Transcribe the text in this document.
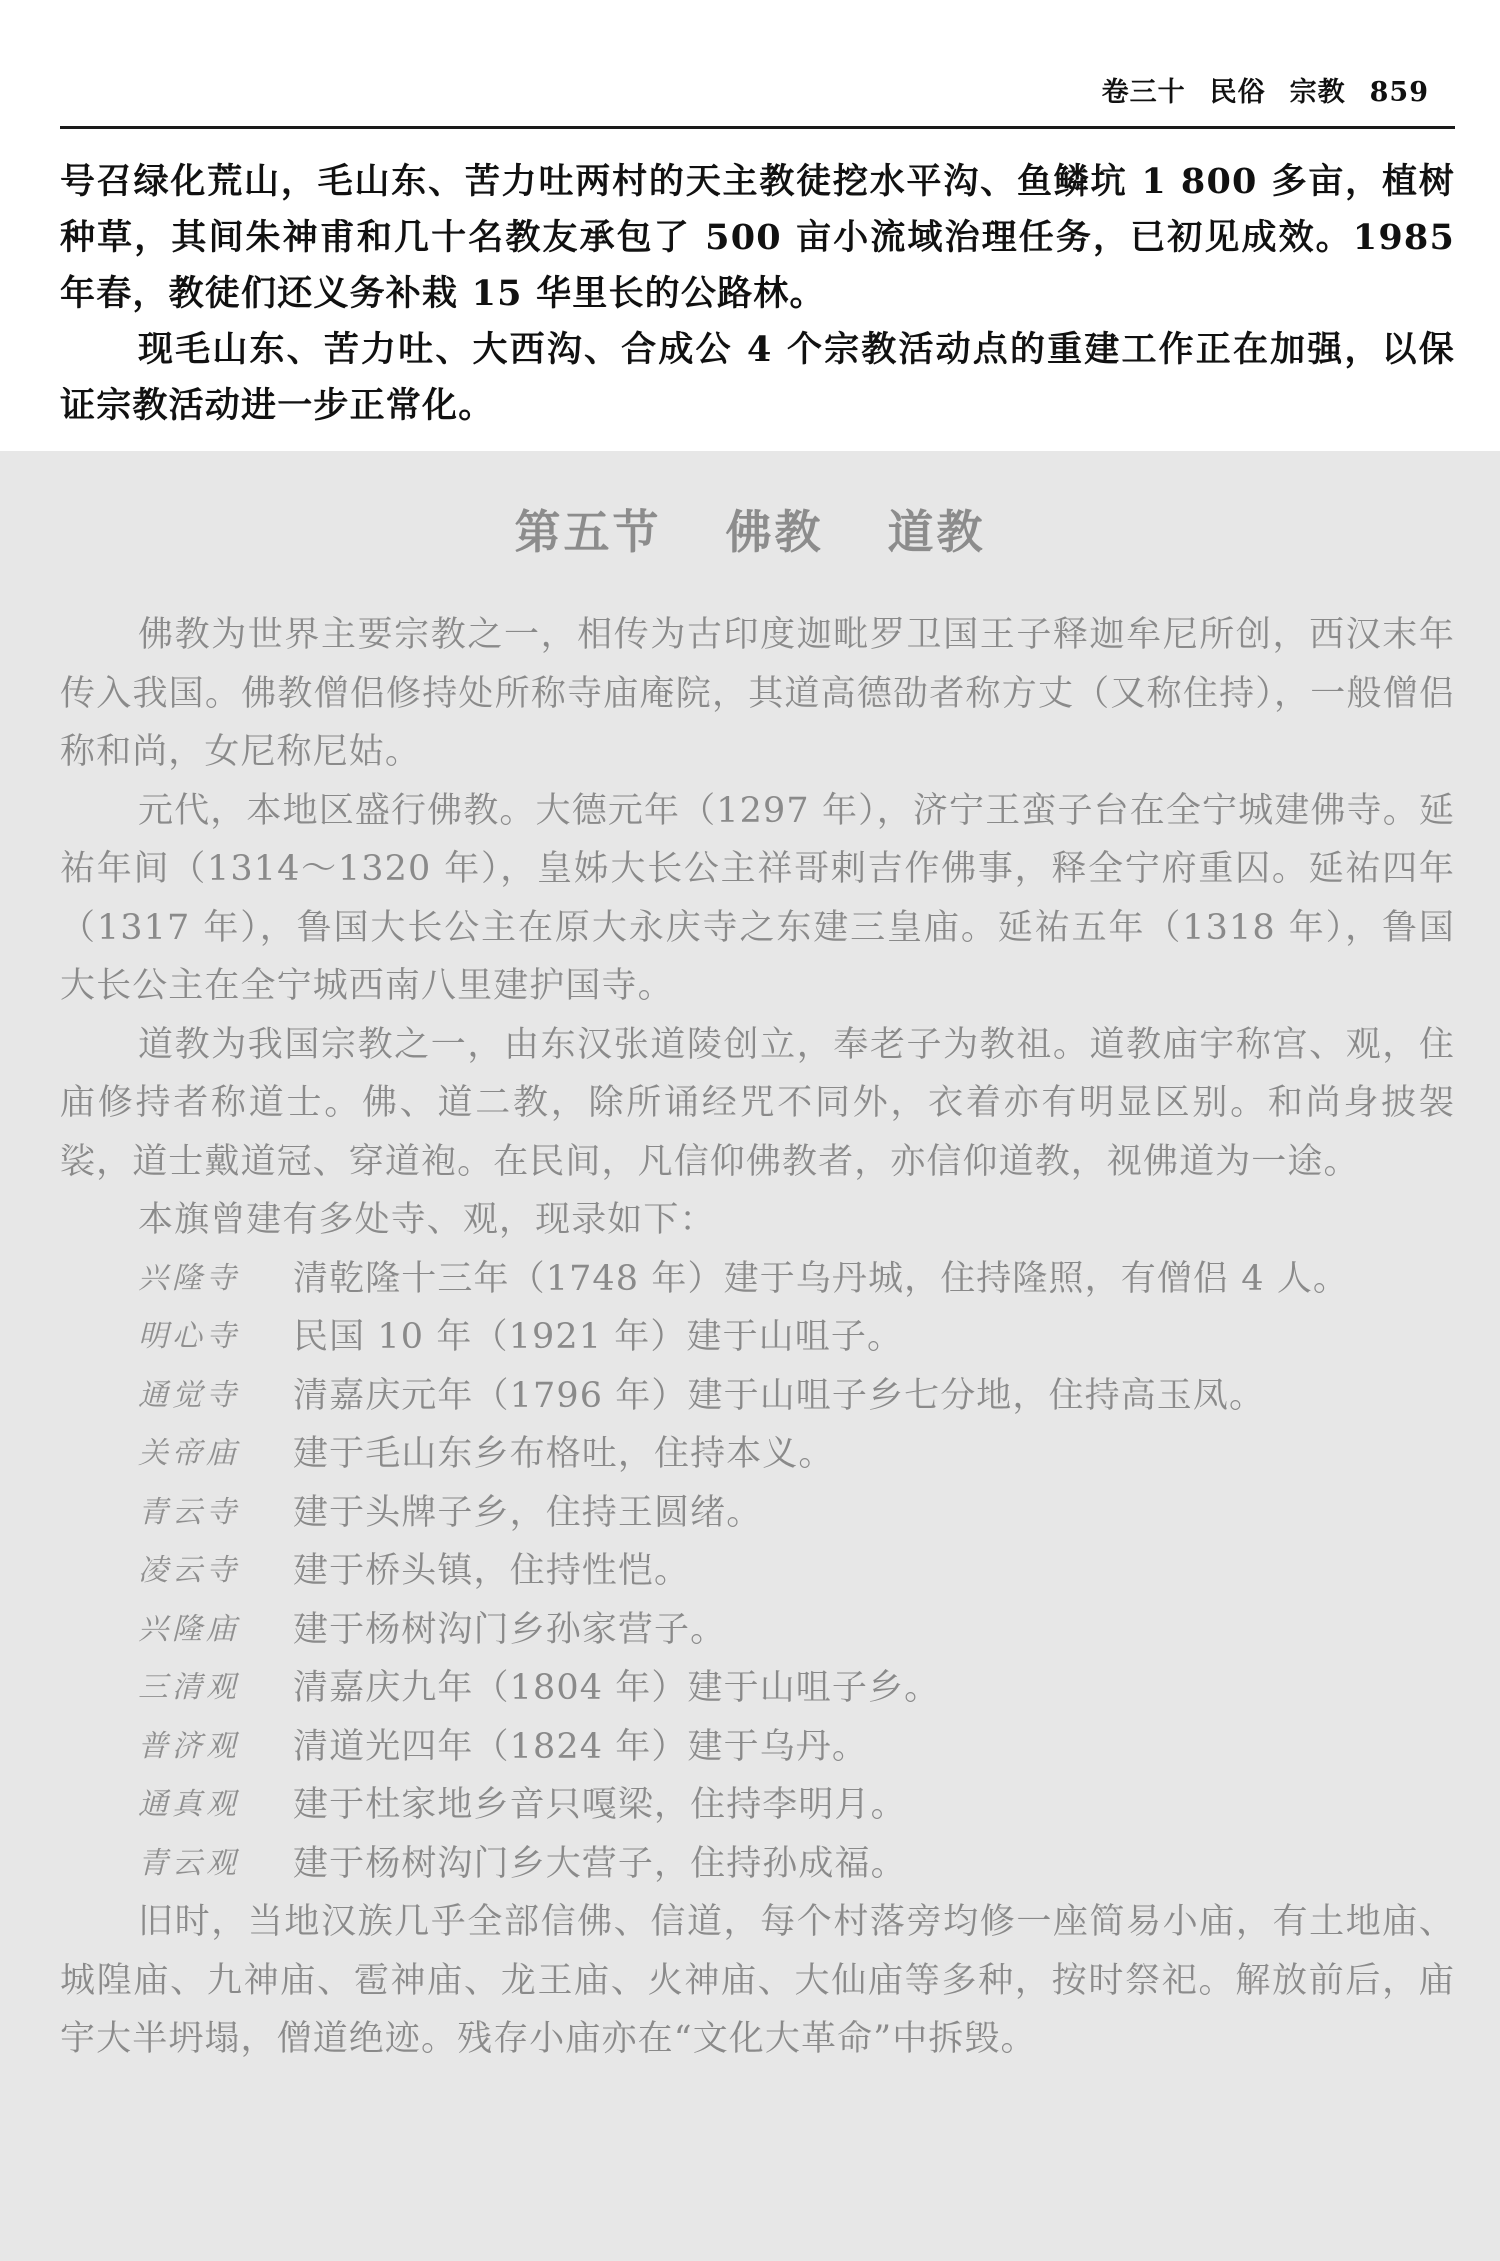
卷三十 民俗 宗教 859

号召绿化荒山，毛山东、苦力吐两村的天主教徒挖水平沟、鱼鳞坑 1 800 多亩，植树种草，其间朱神甫和几十名教友承包了 500 亩小流域治理任务，已初见成效。1985 年春，教徒们还义务补栽 15 华里长的公路林。

现毛山东、苦力吐、大西沟、合成公 4 个宗教活动点的重建工作正在加强，以保证宗教活动进一步正常化。

第五节 佛教 道教

佛教为世界主要宗教之一，相传为古印度迦毗罗卫国王子释迦牟尼所创，西汉末年传入我国。佛教僧侣修持处所称寺庙庵院，其道高德劭者称方丈（又称住持），一般僧侣称和尚，女尼称尼姑。

元代，本地区盛行佛教。大德元年（1297 年），济宁王蛮子台在全宁城建佛寺。延祐年间（1314～1320 年），皇姊大长公主祥哥剌吉作佛事，释全宁府重囚。延祐四年（1317 年），鲁国大长公主在原大永庆寺之东建三皇庙。延祐五年（1318 年），鲁国大长公主在全宁城西南八里建护国寺。

道教为我国宗教之一，由东汉张道陵创立，奉老子为教祖。道教庙宇称宫、观，住庙修持者称道士。佛、道二教，除所诵经咒不同外，衣着亦有明显区别。和尚身披袈裟，道士戴道冠、穿道袍。在民间，凡信仰佛教者，亦信仰道教，视佛道为一途。

本旗曾建有多处寺、观，现录如下：

兴隆寺	清乾隆十三年（1748 年）建于乌丹城，住持隆照，有僧侣 4 人。
明心寺	民国 10 年（1921 年）建于山咀子。
通觉寺	清嘉庆元年（1796 年）建于山咀子乡七分地，住持高玉凤。
关帝庙	建于毛山东乡布格吐，住持本义。
青云寺	建于头牌子乡，住持王圆绪。
凌云寺	建于桥头镇，住持性恺。
兴隆庙	建于杨树沟门乡孙家营子。
三清观	清嘉庆九年（1804 年）建于山咀子乡。
普济观	清道光四年（1824 年）建于乌丹。
通真观	建于杜家地乡音只嘎梁，住持李明月。
青云观	建于杨树沟门乡大营子，住持孙成福。

旧时，当地汉族几乎全部信佛、信道，每个村落旁均修一座简易小庙，有土地庙、城隍庙、九神庙、雹神庙、龙王庙、火神庙、大仙庙等多种，按时祭祀。解放前后，庙宇大半坍塌，僧道绝迹。残存小庙亦在“文化大革命”中拆毁。
